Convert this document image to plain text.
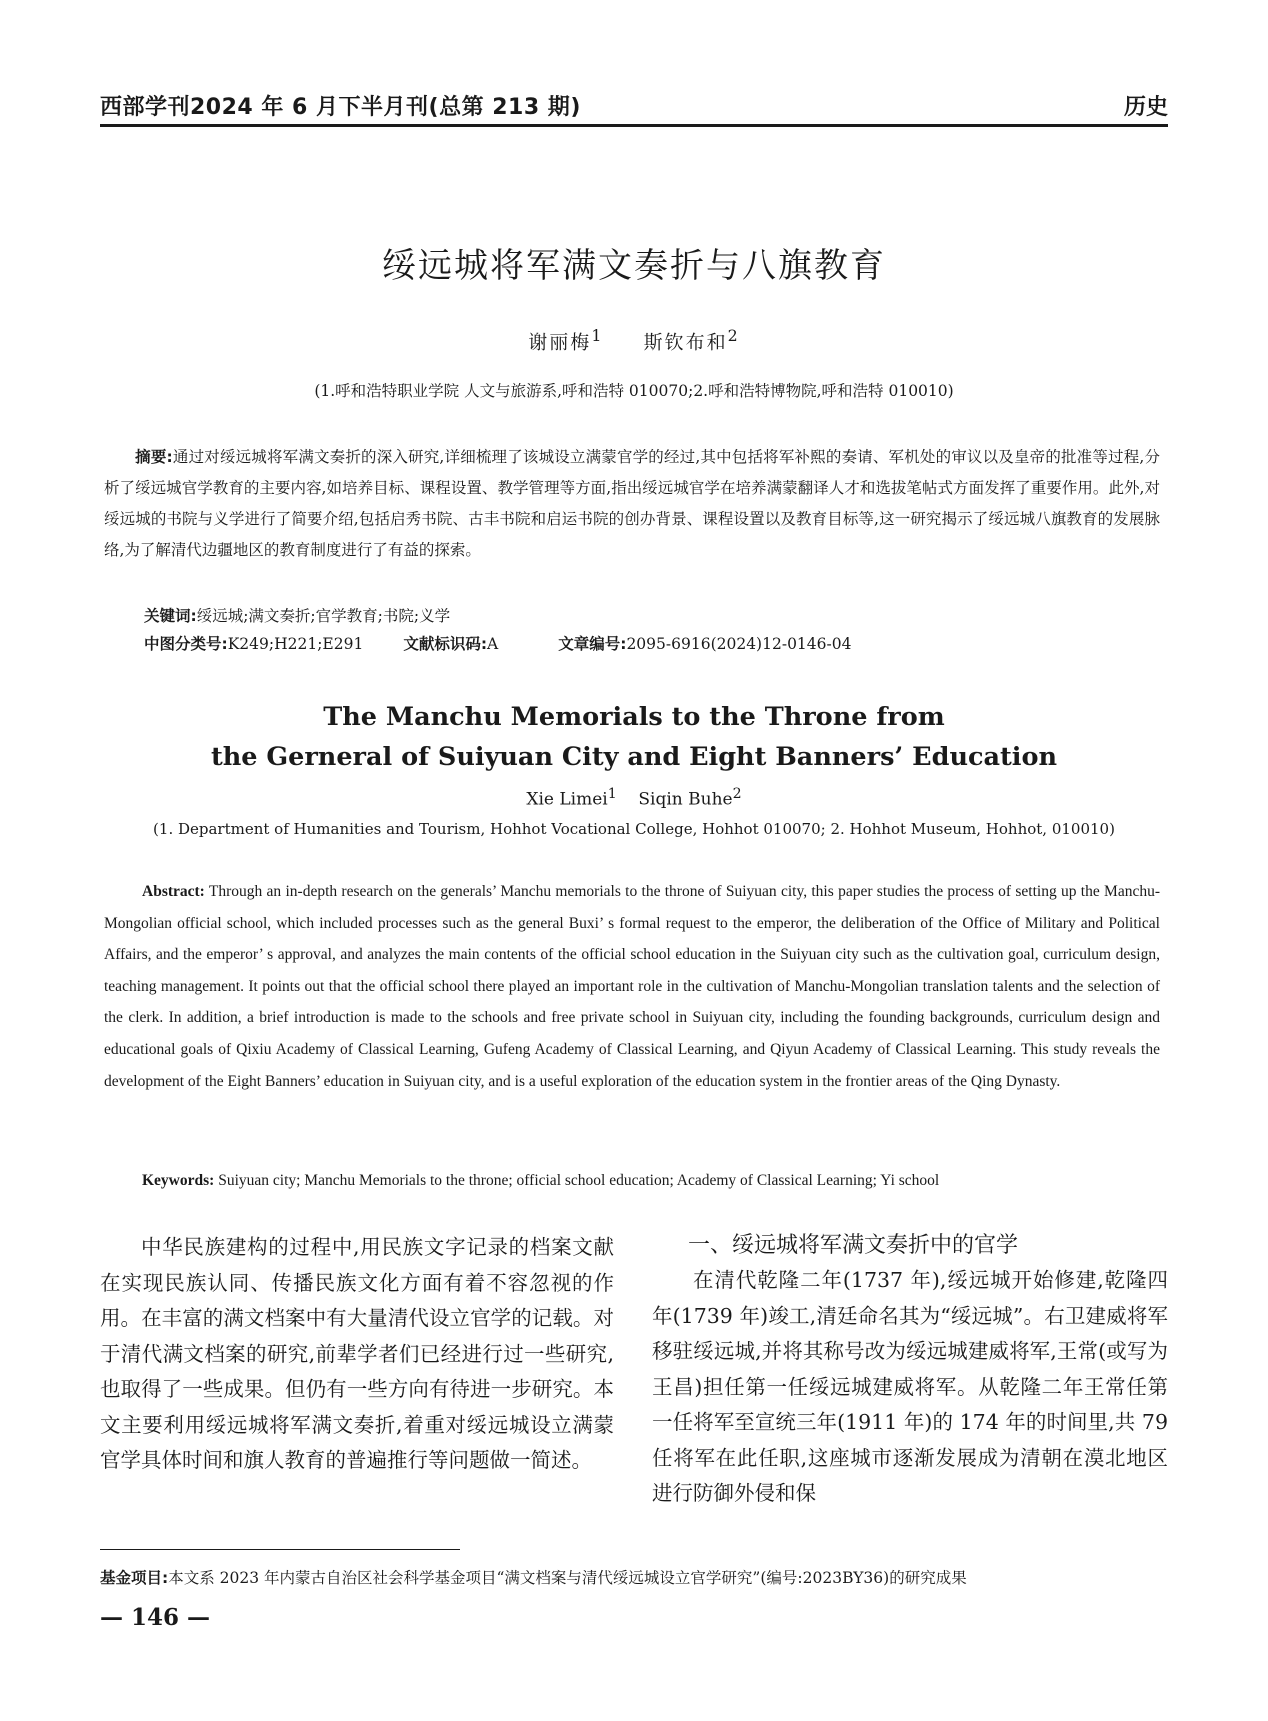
西部学刊2024 年 6 月下半月刊(总第 213 期)	历史
绥远城将军满文奏折与八旗教育
谢丽梅$^1$ 斯钦布和$^2$
(1.呼和浩特职业学院 人文与旅游系,呼和浩特 010070;2.呼和浩特博物院,呼和浩特 010010)
摘要:通过对绥远城将军满文奏折的深入研究,详细梳理了该城设立满蒙官学的经过,其中包括将军补熙的奏请、军机处的审议以及皇帝的批准等过程,分析了绥远城官学教育的主要内容,如培养目标、课程设置、教学管理等方面,指出绥远城官学在培养满蒙翻译人才和选拔笔帖式方面发挥了重要作用。此外,对绥远城的书院与义学进行了简要介绍,包括启秀书院、古丰书院和启运书院的创办背景、课程设置以及教育目标等,这一研究揭示了绥远城八旗教育的发展脉络,为了解清代边疆地区的教育制度进行了有益的探索。
关键词:绥远城;满文奏折;官学教育;书院;义学
中图分类号:K249;H221;E291	文献标识码:A	文章编号:2095-6916(2024)12-0146-04
The Manchu Memorials to the Throne from
the Gerneral of Suiyuan City and Eight Banners’ Education
Xie Limei$^1$ Siqin Buhe$^2$
(1. Department of Humanities and Tourism, Hohhot Vocational College, Hohhot 010070; 2. Hohhot Museum, Hohhot, 010010)
Abstract: Through an in-depth research on the generals’ Manchu memorials to the throne of Suiyuan city, this paper studies the process of setting up the Manchu-Mongolian official school, which included processes such as the general Buxi’ s formal request to the emperor, the deliberation of the Office of Military and Political Affairs, and the emperor’ s approval, and analyzes the main contents of the official school education in the Suiyuan city such as the cultivation goal, curriculum design, teaching management. It points out that the official school there played an important role in the cultivation of Manchu-Mongolian translation talents and the selection of the clerk. In addition, a brief introduction is made to the schools and free private school in Suiyuan city, including the founding backgrounds, curriculum design and educational goals of Qixiu Academy of Classical Learning, Gufeng Academy of Classical Learning, and Qiyun Academy of Classical Learning. This study reveals the development of the Eight Banners’ education in Suiyuan city, and is a useful exploration of the education system in the frontier areas of the Qing Dynasty.
Keywords: Suiyuan city; Manchu Memorials to the throne; official school education; Academy of Classical Learning; Yi school
中华民族建构的过程中,用民族文字记录的档案文献在实现民族认同、传播民族文化方面有着不容忽视的作用。在丰富的满文档案中有大量清代设立官学的记载。对于清代满文档案的研究,前辈学者们已经进行过一些研究,也取得了一些成果。但仍有一些方向有待进一步研究。本文主要利用绥远城将军满文奏折,着重对绥远城设立满蒙官学具体时间和旗人教育的普遍推行等问题做一简述。
一、绥远城将军满文奏折中的官学
在清代乾隆二年(1737 年),绥远城开始修建,乾隆四年(1739 年)竣工,清廷命名其为“绥远城”。右卫建威将军移驻绥远城,并将其称号改为绥远城建威将军,王常(或写为王昌)担任第一任绥远城建威将军。从乾隆二年王常任第一任将军至宣统三年(1911 年)的 174 年的时间里,共 79 任将军在此任职,这座城市逐渐发展成为清朝在漠北地区进行防御外侵和保
基金项目:本文系 2023 年内蒙古自治区社会科学基金项目“满文档案与清代绥远城设立官学研究”(编号:2023BY36)的研究成果
— 146 —
